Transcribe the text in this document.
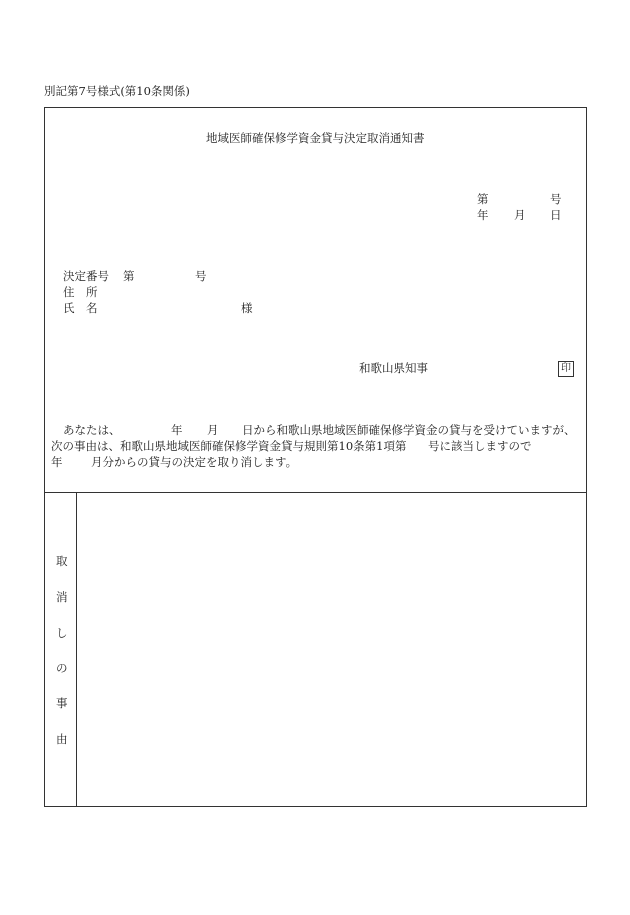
別記第7号様式(第10条関係)
地域医師確保修学資金貸与決定取消通知書
第	号
年 月 日
決定番号 第	号
住　所
氏　名	様
和歌山県知事	印
あなたは、	年 月 日から和歌山県地域医師確保修学資金の貸与を受けていますが、
次の事由は、和歌山県地域医師確保修学資金貸与規則第10条第1項第 号に該当しますので
年 月分からの貸与の決定を取り消します。
取
消
し
の
事
由
